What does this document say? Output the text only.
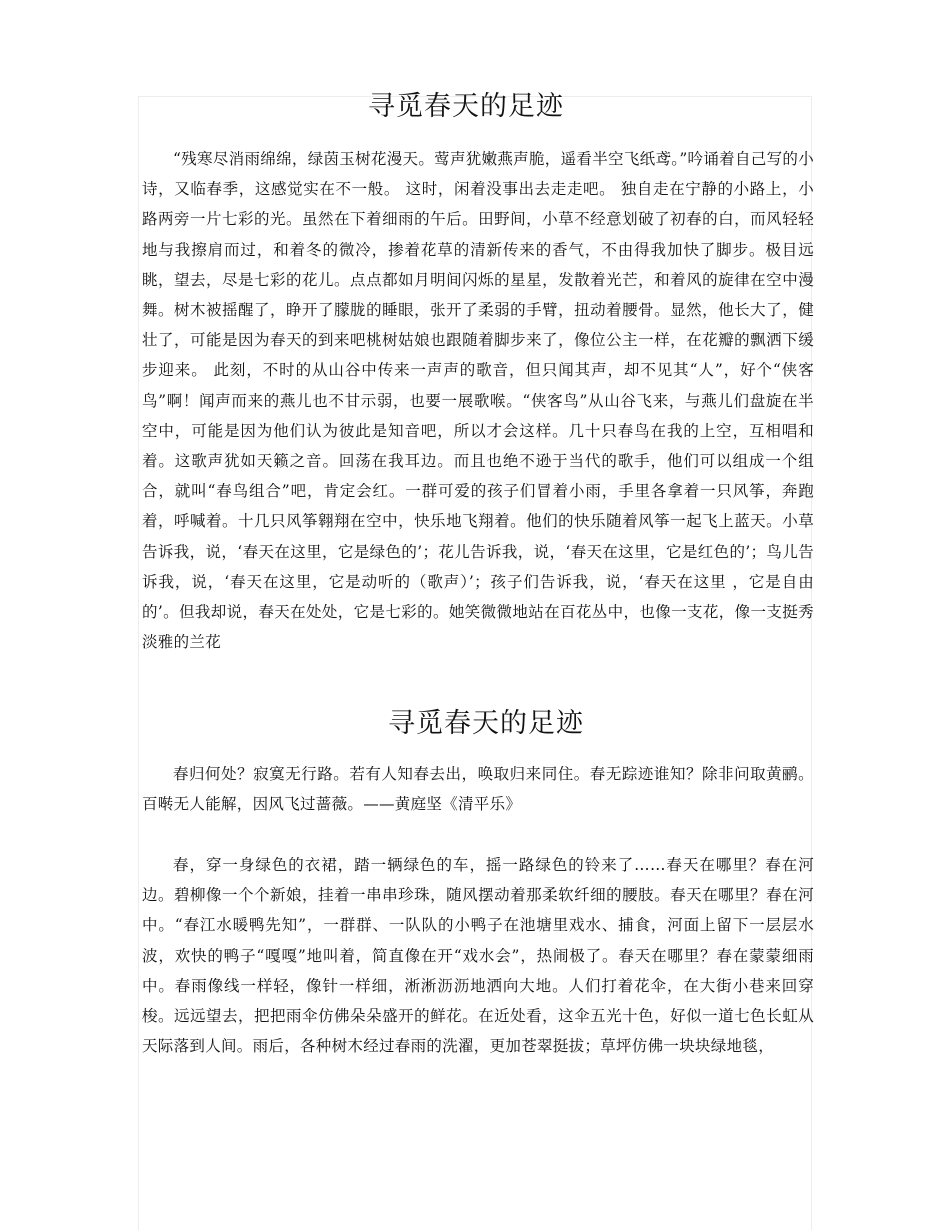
寻觅春天的足迹

“残寒尽消雨绵绵，绿茵玉树花漫天。莺声犹嫩燕声脆，遥看半空飞纸鸢。”吟诵着自己写的小诗，又临春季，这感觉实在不一般。 这时，闲着没事出去走走吧。 独自走在宁静的小路上，小路两旁一片七彩的光。虽然在下着细雨的午后。田野间，小草不经意划破了初春的白，而风轻轻地与我擦肩而过，和着冬的微冷，掺着花草的清新传来的香气，不由得我加快了脚步。极目远眺，望去，尽是七彩的花儿。点点都如月明间闪烁的星星，发散着光芒，和着风的旋律在空中漫舞。树木被摇醒了，睁开了朦胧的睡眼，张开了柔弱的手臂，扭动着腰骨。显然，他长大了，健壮了，可能是因为春天的到来吧桃树姑娘也跟随着脚步来了，像位公主一样，在花瓣的飘洒下缓步迎来。 此刻，不时的从山谷中传来一声声的歌音，但只闻其声，却不见其“人”，好个“侠客鸟”啊！闻声而来的燕儿也不甘示弱，也要一展歌喉。“侠客鸟”从山谷飞来，与燕儿们盘旋在半空中，可能是因为他们认为彼此是知音吧，所以才会这样。几十只春鸟在我的上空，互相唱和着。这歌声犹如天籁之音。回荡在我耳边。而且也绝不逊于当代的歌手，他们可以组成一个组合，就叫“春鸟组合”吧，肯定会红。一群可爱的孩子们冒着小雨，手里各拿着一只风筝，奔跑着，呼喊着。十几只风筝翱翔在空中，快乐地飞翔着。他们的快乐随着风筝一起飞上蓝天。小草告诉我，说，‘春天在这里，它是绿色的’；花儿告诉我，说，‘春天在这里，它是红色的’；鸟儿告诉我，说，‘春天在这里，它是动听的（歌声）’；孩子们告诉我，说，‘春天在这里 ，它是自由的’。但我却说，春天在处处，它是七彩的。她笑微微地站在百花丛中，也像一支花，像一支挺秀淡雅的兰花

寻觅春天的足迹

春归何处？寂寞无行路。若有人知春去出，唤取归来同住。春无踪迹谁知？除非问取黄鹂。百啭无人能解，因风飞过蔷薇。——黄庭坚《清平乐》

春，穿一身绿色的衣裙，踏一辆绿色的车，摇一路绿色的铃来了……春天在哪里？春在河边。碧柳像一个个新娘，挂着一串串珍珠，随风摆动着那柔软纤细的腰肢。春天在哪里？春在河中。“春江水暖鸭先知”，一群群、一队队的小鸭子在池塘里戏水、捕食，河面上留下一层层水波，欢快的鸭子“嘎嘎”地叫着，简直像在开“戏水会”，热闹极了。春天在哪里？春在蒙蒙细雨中。春雨像线一样轻，像针一样细，淅淅沥沥地洒向大地。人们打着花伞，在大街小巷来回穿梭。远远望去，把把雨伞仿佛朵朵盛开的鲜花。在近处看，这伞五光十色，好似一道七色长虹从天际落到人间。雨后，各种树木经过春雨的洗濯，更加苍翠挺拔；草坪仿佛一块块绿地毯，
